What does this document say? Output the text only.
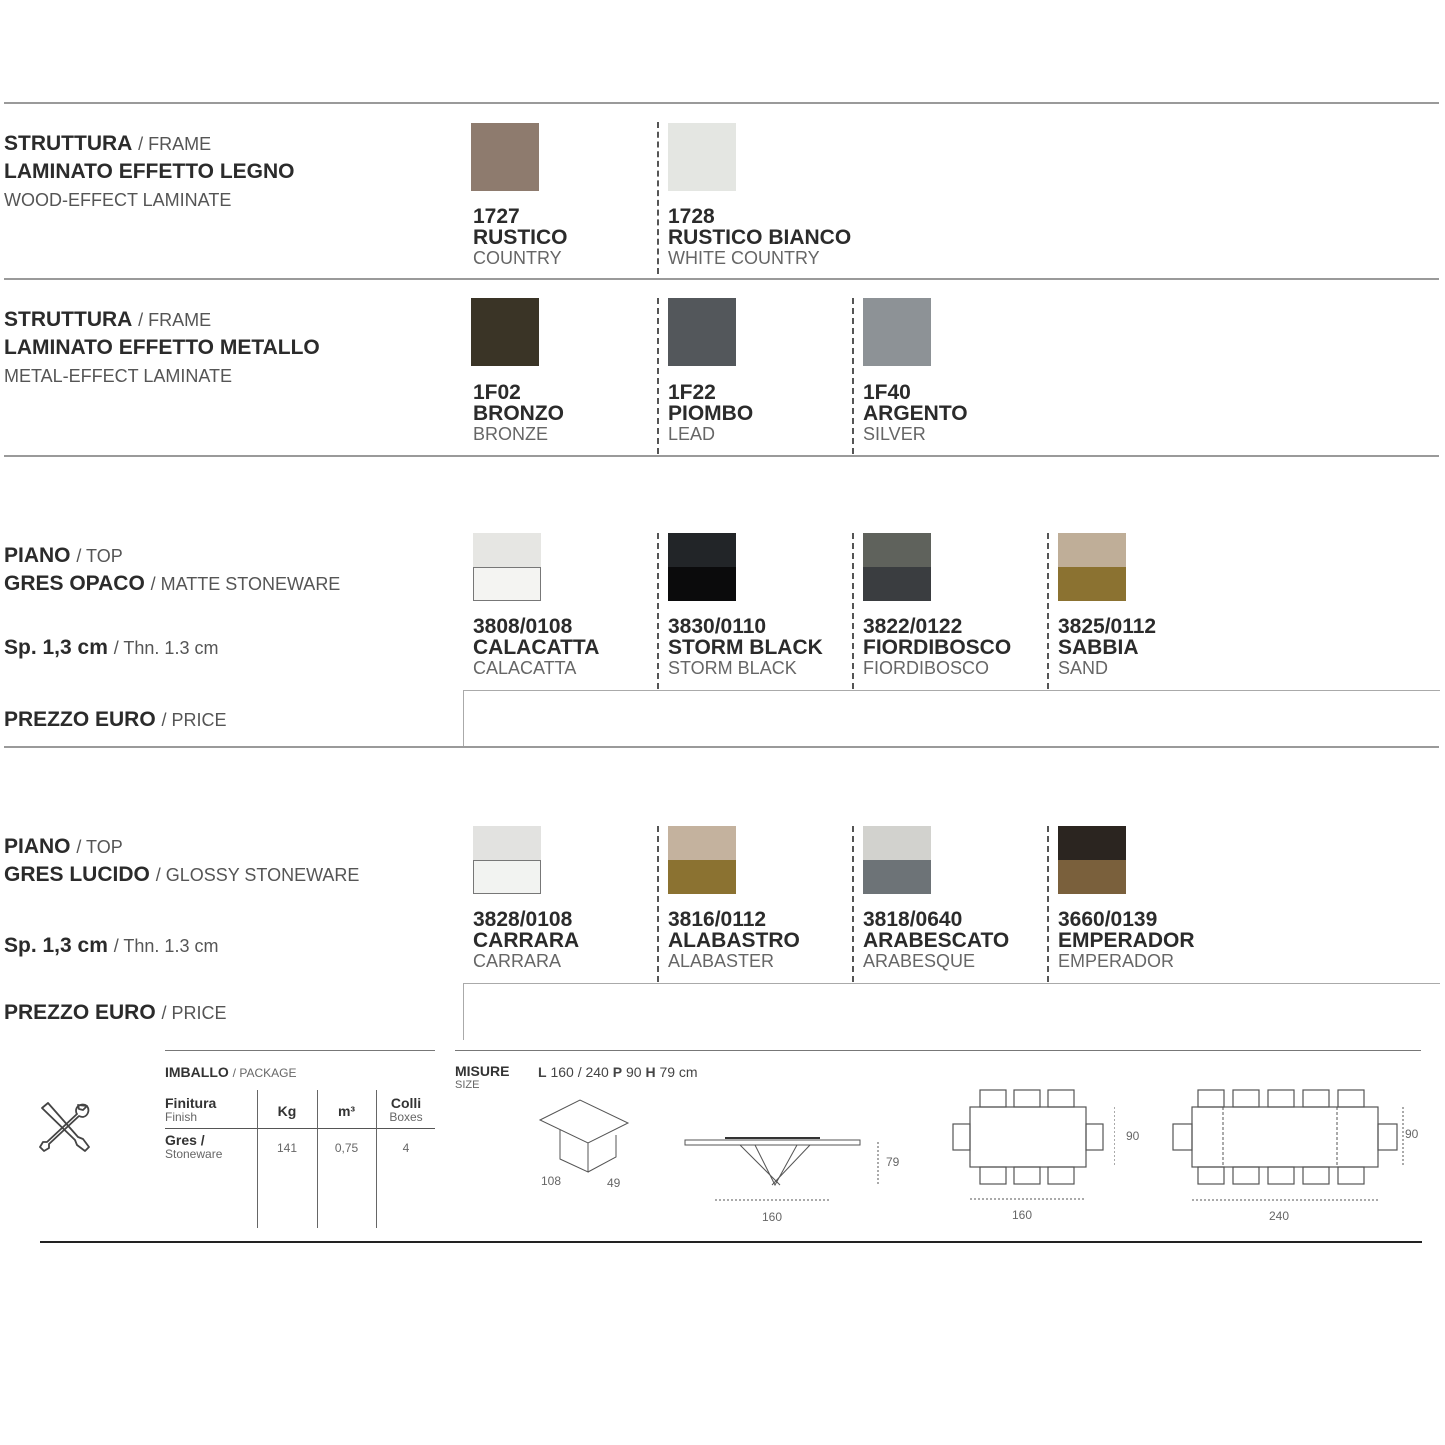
STRUTTURA / FRAME
LAMINATO EFFETTO LEGNO
WOOD-EFFECT LAMINATE
1727
RUSTICO
COUNTRY
1728
RUSTICO BIANCO
WHITE COUNTRY
STRUTTURA / FRAME
LAMINATO EFFETTO METALLO
METAL-EFFECT LAMINATE
1F02
BRONZO
BRONZE
1F22
PIOMBO
LEAD
1F40
ARGENTO
SILVER
PIANO / TOP
GRES OPACO / MATTE STONEWARE
Sp. 1,3 cm / Thn. 1.3 cm
PREZZO EURO / PRICE
3808/0108
CALACATTA
CALACATTA
3830/0110
STORM BLACK
STORM BLACK
3822/0122
FIORDIBOSCO
FIORDIBOSCO
3825/0112
SABBIA
SAND
PIANO / TOP
GRES LUCIDO / GLOSSY STONEWARE
Sp. 1,3 cm / Thn. 1.3 cm
PREZZO EURO / PRICE
3828/0108
CARRARA
CARRARA
3816/0112
ALABASTRO
ALABASTER
3818/0640
ARABESCATO
ARABESQUE
3660/0139
EMPERADOR
EMPERADOR
IMBALLO / PACKAGE
Finitura
Finish	Kg	m³	Colli
Boxes
Gres /
Stoneware	141	0,75	4
MISURE
SIZE
L 160 / 240 P 90 H 79 cm
108	49
79
160
90
160
90
240
